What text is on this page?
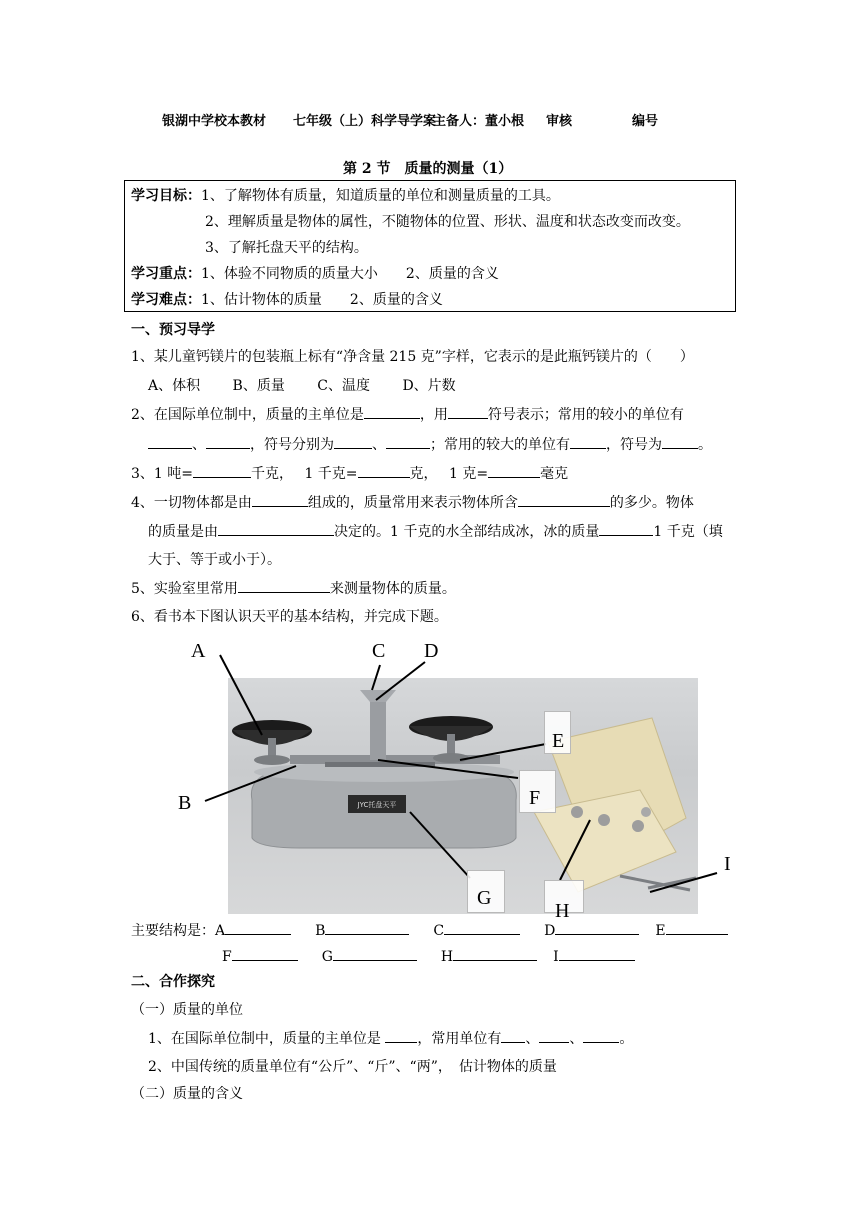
银湖中学校本教材 七年级（上）科学导学案
主备人：董小根 审核	编号
第 2 节　质量的测量（1）
学习目标：1、了解物体有质量，知道质量的单位和测量质量的工具。
2、理解质量是物体的属性，不随物体的位置、形状、温度和状态改变而改变。
3、了解托盘天平的结构。
学习重点：1、体验不同物质的质量大小　　2、质量的含义
学习难点：1、估计物体的质量　　2、质量的含义
一、预习导学
1、某儿童钙镁片的包装瓶上标有“净含量 215 克”字样，它表示的是此瓶钙镁片的（　　）
A、体积　　 B、质量　　 C、温度　　 D、片数
2、在国际单位制中，质量的主单位是	，用	符号表示；常用的较小的单位有
、	，符号分别为	、	；常用的较大的单位有	，符号为	。
3、1 吨=	千克，　 1 千克=	克，　 1 克=	毫克
4、一切物体都是由	组成的，质量常用来表示物体所含	的多少。物体
的质量是由	决定的。1 千克的水全部结成冰，冰的质量	1 千克（填
大于、等于或小于）。
5、实验室里常用	来测量物体的质量。
6、看书本下图认识天平的基本结构，并完成下题。
JYC托盘天平
A
B
C D
E
F
G
H
I
主要结构是：A	B	C	D	E
F	G	H	I
二、合作探究
（一）质量的单位
1、在国际单位制中，质量的主单位是	，常用单位有 、 、	。
2、中国传统的质量单位有“公斤”、“斤”、“两”，　估计物体的质量
（二）质量的含义
